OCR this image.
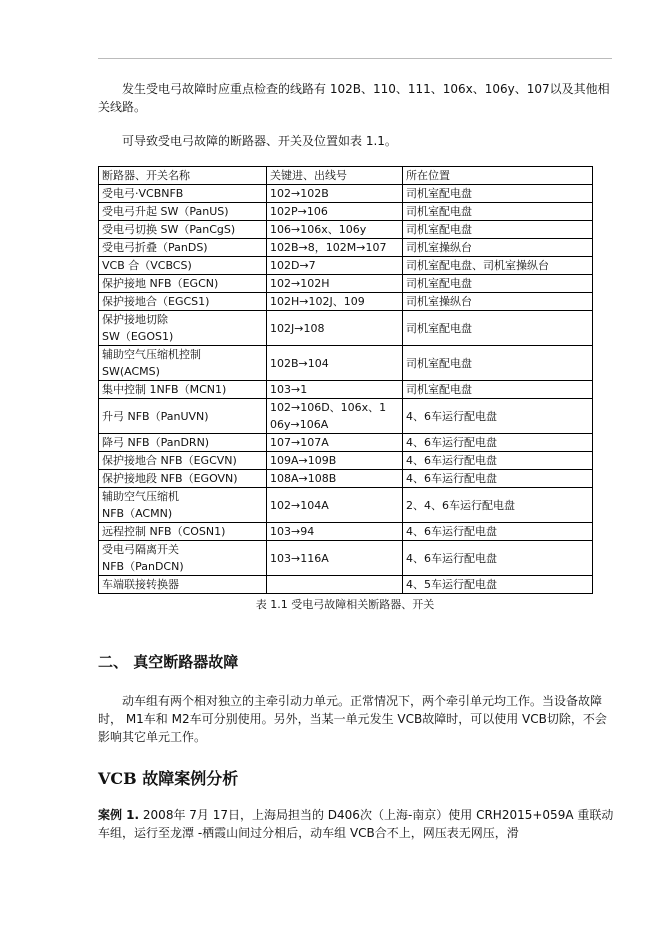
发生受电弓故障时应重点检查的线路有 102B、110、111、106x、106y、107以及其他相关线路。
可导致受电弓故障的断路器、开关及位置如表 1.1。
断路器、开关名称	关键进、出线号	所在位置
受电弓·VCBNFB	102→102B	司机室配电盘
受电弓升起 SW（PanUS)	102P→106	司机室配电盘
受电弓切换 SW（PanCgS)	106→106x、106y	司机室配电盘
受电弓折叠（PanDS)	102B→8，102M→107	司机室操纵台
VCB 合（VCBCS)	102D→7	司机室配电盘、司机室操纵台
保护接地 NFB（EGCN)	102→102H	司机室配电盘
保护接地合（EGCS1)	102H→102J、109	司机室操纵台
保护接地切除
SW（EGOS1)	102J→108	司机室配电盘
辅助空气压缩机控制
SW(ACMS)	102B→104	司机室配电盘
集中控制 1NFB（MCN1)	103→1	司机室配电盘
升弓 NFB（PanUVN)	102→106D、106x、1
06y→106A	4、6车运行配电盘
降弓 NFB（PanDRN)	107→107A	4、6车运行配电盘
保护接地合 NFB（EGCVN)	109A→109B	4、6车运行配电盘
保护接地段 NFB（EGOVN)	108A→108B	4、6车运行配电盘
辅助空气压缩机
NFB（ACMN)	102→104A	2、4、6车运行配电盘
远程控制 NFB（COSN1)	103→94	4、6车运行配电盘
受电弓隔离开关
NFB（PanDCN)	103→116A	4、6车运行配电盘
车端联接转换器		4、5车运行配电盘
表 1.1 受电弓故障相关断路器、开关
二、 真空断路器故障
动车组有两个相对独立的主牵引动力单元。正常情况下，两个牵引单元均工作。当设备故障时， M1车和 M2车可分别使用。另外，当某一单元发生 VCB故障时，可以使用 VCB切除，不会影响其它单元工作。
VCB 故障案例分析
案例 1. 2008年 7月 17日，上海局担当的 D406次（上海-南京）使用 CRH2015+059A 重联动车组，运行至龙潭 -栖霞山间过分相后，动车组 VCB合不上，网压表无网压，滑
